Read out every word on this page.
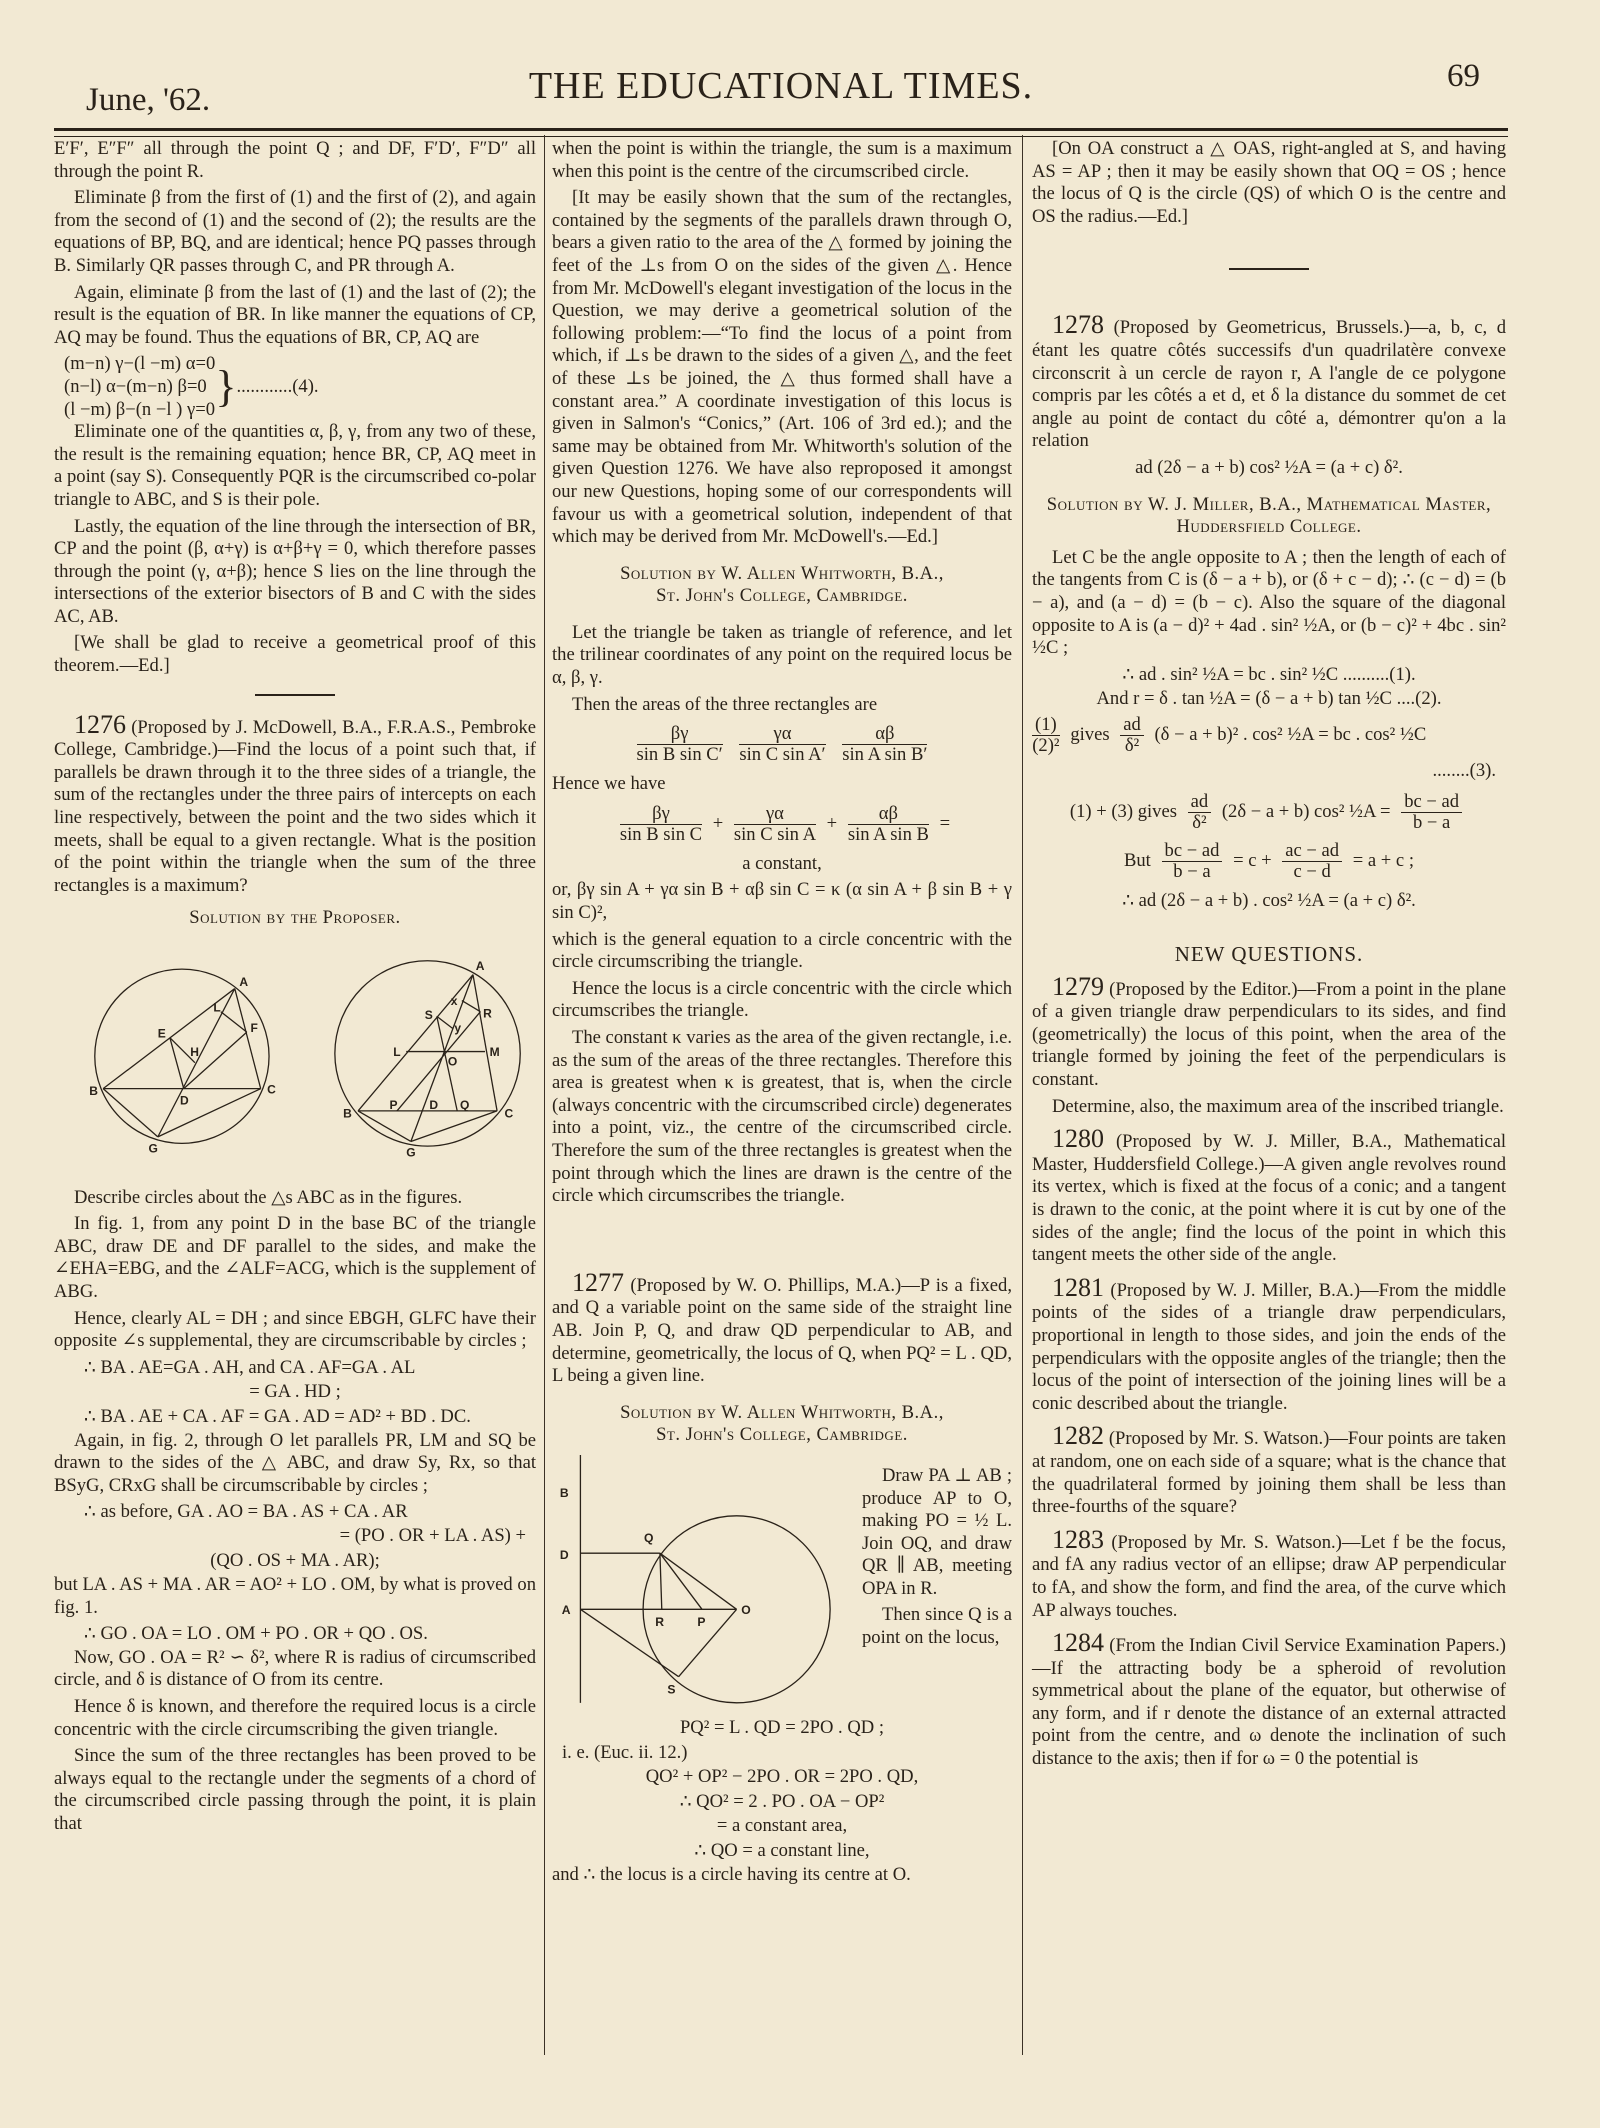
June, '62.	THE EDUCATIONAL TIMES.	69

E′F′, E″F″ all through the point Q ; and DF, F′D′, F″D″ all through the point R.

Eliminate β from the first of (1) and the first of (2), and again from the second of (1) and the second of (2); the results are the equations of BP, BQ, and are identical; hence PQ passes through B. Similarly QR passes through C, and PR through A.

Again, eliminate β from the last of (1) and the last of (2); the result is the equation of BR. In like manner the equations of CP, AQ may be found. Thus the equations of BR, CP, AQ are

(m−n) γ−(l −m) α=0
(n−l) α−(m−n) β=0
(l −m) β−(n −l ) γ=0 } ............(4).

Eliminate one of the quantities α, β, γ, from any two of these, the result is the remaining equation; hence BR, CP, AQ meet in a point (say S). Consequently PQR is the circumscribed co-polar triangle to ABC, and S is their pole.

Lastly, the equation of the line through the intersection of BR, CP and the point (β, α+γ) is α+β+γ = 0, which therefore passes through the point (γ, α+β); hence S lies on the line through the intersections of the exterior bisectors of B and C with the sides AC, AB.

[We shall be glad to receive a geometrical proof of this theorem.—Ed.]

1276 (Proposed by J. McDowell, B.A., F.R.A.S., Pembroke College, Cambridge.)—Find the locus of a point such that, if parallels be drawn through it to the three sides of a triangle, the sum of the rectangles under the three pairs of intercepts on each line respectively, between the point and the two sides which it meets, shall be equal to a given rectangle. What is the position of the point within the triangle when the sum of the three rectangles is a maximum?

Solution by the Proposer.
A
B	C
D
E	F
G
H
L
A
B	C
D
G
L	M
O
P	Q
R
S
x
y

Describe circles about the △s ABC as in the figures.

In fig. 1, from any point D in the base BC of the triangle ABC, draw DE and DF parallel to the sides, and make the ∠EHA=EBG, and the ∠ALF=ACG, which is the supplement of ABG.

Hence, clearly AL = DH ; and since EBGH, GLFC have their opposite ∠s supplemental, they are circumscribable by circles ;

∴ BA . AE=GA . AH, and CA . AF=GA . AL
= GA . HD ;
∴ BA . AE + CA . AF = GA . AD = AD² + BD . DC.

Again, in fig. 2, through O let parallels PR, LM and SQ be drawn to the sides of the △ ABC, and draw Sy, Rx, so that BSyG, CRxG shall be circumscribable by circles ;

∴ as before, GA . AO = BA . AS + CA . AR
= (PO . OR + LA . AS) +
(QO . OS + MA . AR);

but LA . AS + MA . AR = AO² + LO . OM, by what is proved on fig. 1.

∴ GO . OA = LO . OM + PO . OR + QO . OS.

Now, GO . OA = R² ∽ δ², where R is radius of circumscribed circle, and δ is distance of O from its centre.

Hence δ is known, and therefore the required locus is a circle concentric with the circle circumscribing the given triangle.

Since the sum of the three rectangles has been proved to be always equal to the rectangle under the segments of a chord of the circumscribed circle passing through the point, it is plain that

when the point is within the triangle, the sum is a maximum when this point is the centre of the circumscribed circle.

[It may be easily shown that the sum of the rectangles, contained by the segments of the parallels drawn through O, bears a given ratio to the area of the △ formed by joining the feet of the ⊥s from O on the sides of the given △. Hence from Mr. McDowell's elegant investigation of the locus in the Question, we may derive a geometrical solution of the following problem:—“To find the locus of a point from which, if ⊥s be drawn to the sides of a given △, and the feet of these ⊥s be joined, the △ thus formed shall have a constant area.” A coordinate investigation of this locus is given in Salmon's “Conics,” (Art. 106 of 3rd ed.); and the same may be obtained from Mr. Whitworth's solution of the given Question 1276. We have also reproposed it amongst our new Questions, hoping some of our correspondents will favour us with a geometrical solution, independent of that which may be derived from Mr. McDowell's.—Ed.]

Solution by W. Allen Whitworth, B.A.,
St. John's College, Cambridge.

Let the triangle be taken as triangle of reference, and let the trilinear coordinates of any point on the required locus be α, β, γ.

Then the areas of the three rectangles are

$\frac{\beta\gamma}{\text{sin B sin C′}}$
$\frac{\gamma\alpha}{\text{sin C sin A′}}$
$\frac{\alpha\beta}{\text{sin A sin B′}}$

Hence we have

$\frac{\beta\gamma}{\text{sin B sin C}} + \frac{\gamma\alpha}{\text{sin C sin A}} + \frac{\alpha\beta}{\text{sin A sin B}}$ =
a constant,
or, βγ sin A + γα sin B + αβ sin C = κ (α sin A + β sin B + γ sin C)²,

which is the general equation to a circle concentric with the circle circumscribing the triangle.

Hence the locus is a circle concentric with the circle which circumscribes the triangle.

The constant κ varies as the area of the given rectangle, i.e. as the sum of the areas of the three rectangles. Therefore this area is greatest when κ is greatest, that is, when the circle (always concentric with the circumscribed circle) degenerates into a point, viz., the centre of the circumscribed circle. Therefore the sum of the three rectangles is greatest when the point through which the lines are drawn is the centre of the circle which circumscribes the triangle.

1277 (Proposed by W. O. Phillips, M.A.)—P is a fixed, and Q a variable point on the same side of the straight line AB. Join P, Q, and draw QD perpendicular to AB, and determine, geometrically, the locus of Q, when PQ² = L . QD, L being a given line.

Solution by W. Allen Whitworth, B.A.,
St. John's College, Cambridge.
B
D
A
Q
R	P
O
S

Draw PA ⊥ AB ; produce AP to O, making PO = ½ L. Join OQ, and draw QR ∥ AB, meeting OPA in R.

Then since Q is a point on the locus,

PQ² = L . QD = 2PO . QD ;
i. e. (Euc. ii. 12.)
QO² + OP² − 2PO . OR = 2PO . QD,
∴ QO² = 2 . PO . OA − OP²
= a constant area,
∴ QO = a constant line,
and ∴ the locus is a circle having its centre at O.

[On OA construct a △ OAS, right-angled at S, and having AS = AP ; then it may be easily shown that OQ = OS ; hence the locus of Q is the circle (QS) of which O is the centre and OS the radius.—Ed.]

1278 (Proposed by Geometricus, Brussels.)—a, b, c, d étant les quatre côtés successifs d'un quadrilatère convexe circonscrit à un cercle de rayon r, A l'angle de ce polygone compris par les côtés a et d, et δ la distance du sommet de cet angle au point de contact du côté a, démontrer qu'on a la relation

ad (2δ − a + b) cos² ½A = (a + c) δ².
Solution by W. J. Miller, B.A., Mathematical Master, Huddersfield College.

Let C be the angle opposite to A ; then the length of each of the tangents from C is (δ − a + b), or (δ + c − d); ∴ (c − d) = (b − a), and (a − d) = (b − c). Also the square of the diagonal opposite to A is (a − d)² + 4ad . sin² ½A, or (b − c)² + 4bc . sin² ½C ;

∴ ad . sin² ½A = bc . sin² ½C ..........(1).
And r = δ . tan ½A = (δ − a + b) tan ½C ....(2).
$\frac{(1)}{\text{(2)²}}$ gives $\frac{ad}{\text{δ²}} (\delta - a + b)^2$ . cos² ½A = bc . cos² ½C
........(3).
(1) + (3) gives $\frac{ad}{\text{δ²}} (2\delta - a + b)$ cos² ½A = $\frac{bc - ad}{b - a}$
But $\frac{bc - ad}{b - a} = c + \frac{ac - ad}{c - d} = a + c$ ;
∴ ad (2δ − a + b) . cos² ½A = (a + c) δ².
NEW QUESTIONS.

1279 (Proposed by the Editor.)—From a point in the plane of a given triangle draw perpendiculars to its sides, and find (geometrically) the locus of this point, when the area of the triangle formed by joining the feet of the perpendiculars is constant.

Determine, also, the maximum area of the inscribed triangle.

1280 (Proposed by W. J. Miller, B.A., Mathematical Master, Huddersfield College.)—A given angle revolves round its vertex, which is fixed at the focus of a conic; and a tangent is drawn to the conic, at the point where it is cut by one of the sides of the angle; find the locus of the point in which this tangent meets the other side of the angle.

1281 (Proposed by W. J. Miller, B.A.)—From the middle points of the sides of a triangle draw perpendiculars, proportional in length to those sides, and join the ends of the perpendiculars with the opposite angles of the triangle; then the locus of the point of intersection of the joining lines will be a conic described about the triangle.

1282 (Proposed by Mr. S. Watson.)—Four points are taken at random, one on each side of a square; what is the chance that the quadrilateral formed by joining them shall be less than three-fourths of the square?

1283 (Proposed by Mr. S. Watson.)—Let f be the focus, and fA any radius vector of an ellipse; draw AP perpendicular to fA, and show the form, and find the area, of the curve which AP always touches.

1284 (From the Indian Civil Service Examination Papers.)—If the attracting body be a spheroid of revolution symmetrical about the plane of the equator, but otherwise of any form, and if r denote the distance of an external attracted point from the centre, and ω denote the inclination of such distance to the axis; then if for ω = 0 the potential is
